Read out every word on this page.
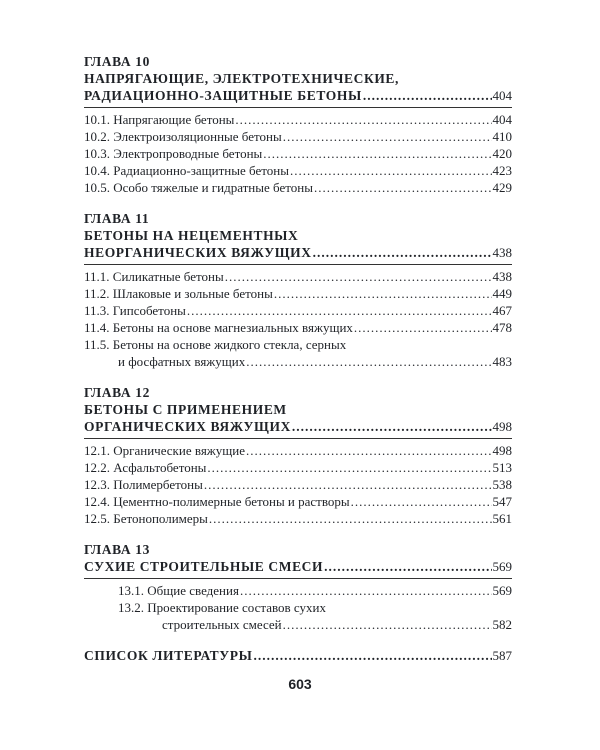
ГЛАВА 10
НАПРЯГАЮЩИЕ, ЭЛЕКТРОТЕХНИЧЕСКИЕ,
РАДИАЦИОННО-ЗАЩИТНЫЕ БЕТОНЫ .....	404
10.1. Напрягающие бетоны .....	404
10.2. Электроизоляционные бетоны .....	410
10.3. Электропроводные бетоны .....	420
10.4. Радиационно-защитные бетоны .....	423
10.5. Особо тяжелые и гидратные бетоны .....	429
ГЛАВА 11
БЕТОНЫ НА НЕЦЕМЕНТНЫХ
НЕОРГАНИЧЕСКИХ ВЯЖУЩИХ .....	438
11.1. Силикатные бетоны .....	438
11.2. Шлаковые и зольные бетоны .....	449
11.3. Гипсобетоны .....	467
11.4. Бетоны на основе магнезиальных вяжущих .....	478
11.5. Бетоны на основе жидкого стекла, серных
и фосфатных вяжущих .....	483
ГЛАВА 12
БЕТОНЫ С ПРИМЕНЕНИЕМ
ОРГАНИЧЕСКИХ ВЯЖУЩИХ .....	498
12.1. Органические вяжущие .....	498
12.2. Асфальтобетоны .....	513
12.3. Полимербетоны .....	538
12.4. Цементно-полимерные бетоны и растворы .....	547
12.5. Бетонополимеры .....	561
ГЛАВА 13
СУХИЕ СТРОИТЕЛЬНЫЕ СМЕСИ .....	569
13.1. Общие сведения .....	569
13.2. Проектирование составов сухих
строительных смесей .....	582
СПИСОК ЛИТЕРАТУРЫ .....	587
603
